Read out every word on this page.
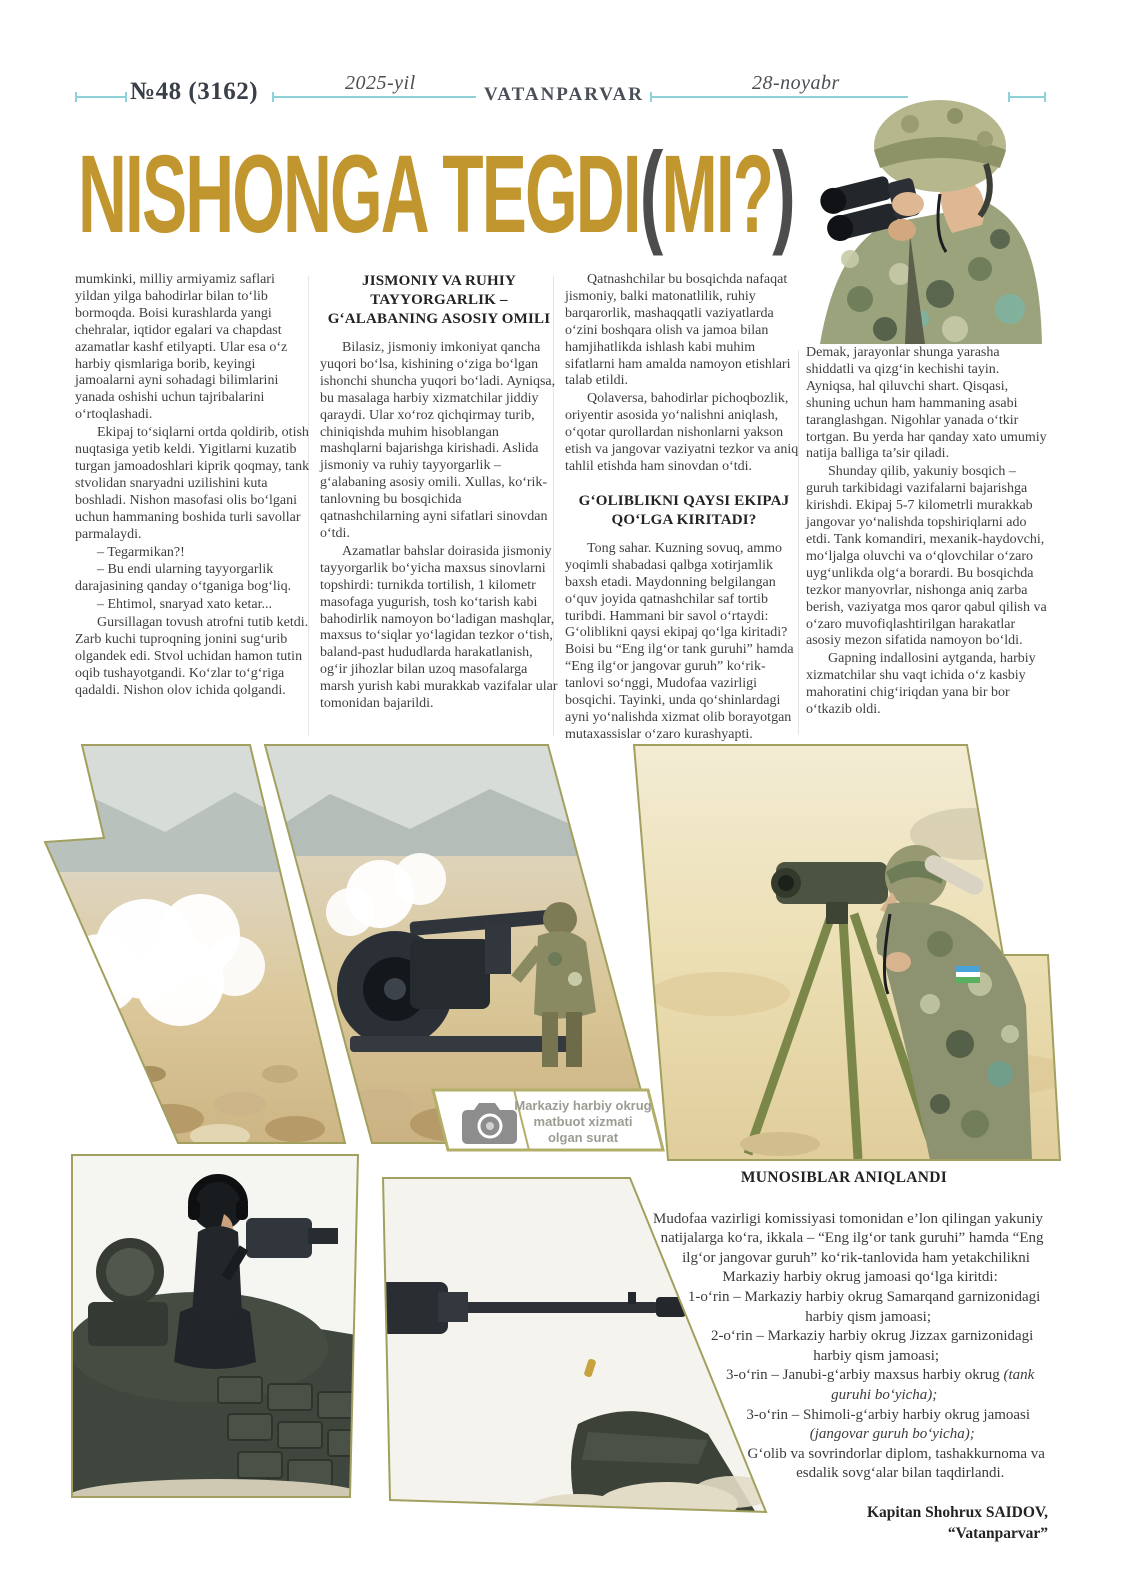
№48 (3162)	2025-yil
VATANPARVAR
28-noyabr
NISHONGA TEGDI(MI?)

mumkinki, milliy armiyamiz saflari yildan yilga bahodirlar bilan to‘lib bormoqda. Boisi kurashlarda yangi chehralar, iqtidor egalari va chapdast azamatlar kashf etilyapti. Ular esa o‘z harbiy qismlariga borib, keyingi jamoalarni ayni sohadagi bilimlarini yanada oshishi uchun tajribalarini o‘rtoqlashadi.

Ekipaj to‘siqlarni ortda qoldirib, otish nuqtasiga yetib keldi. Yigitlarni kuzatib turgan jamoadoshlari kiprik qoqmay, tank stvolidan snaryadni uzilishini kuta boshladi. Nishon masofasi olis bo‘lgani uchun hammaning boshida turli savollar parmalaydi.

– Tegarmikan?!

– Bu endi ularning tayyorgarlik darajasining qanday o‘tganiga bog‘liq.

– Ehtimol, snaryad xato ketar...

Gursillagan tovush atrofni tutib ketdi. Zarb kuchi tuproqning jonini sug‘urib olgandek edi. Stvol uchidan hamon tutin oqib tushayotgandi. Ko‘zlar to‘g‘riga qadaldi. Nishon olov ichida qolgandi.

JISMONIY VA RUHIY TAYYORGARLIK – G‘ALABANING ASOSIY OMILI

Bilasiz, jismoniy imkoniyat qancha yuqori bo‘lsa, kishining o‘ziga bo‘lgan ishonchi shuncha yuqori bo‘ladi. Ayniqsa, bu masalaga harbiy xizmatchilar jiddiy qaraydi. Ular xo‘roz qichqirmay turib, chiniqishda muhim hisoblangan mashqlarni bajarishga kirishadi. Aslida jismoniy va ruhiy tayyorgarlik – g‘alabaning asosiy omili. Xullas, ko‘rik-tanlovning bu bosqichida qatnashchilarning ayni sifatlari sinovdan o‘tdi.

Azamatlar bahslar doirasida jismoniy tayyorgarlik bo‘yicha maxsus sinovlarni topshirdi: turnikda tortilish, 1 kilometr masofaga yugurish, tosh ko‘tarish kabi bahodirlik namoyon bo‘ladigan mashqlar, maxsus to‘siqlar yo‘lagidan tezkor o‘tish, baland-past hududlarda harakatlanish, og‘ir jihozlar bilan uzoq masofalarga marsh yurish kabi murakkab vazifalar ular tomonidan bajarildi.

Qatnashchilar bu bosqichda nafaqat jismoniy, balki matonatlilik, ruhiy barqarorlik, mashaqqatli vaziyatlarda o‘zini boshqara olish va jamoa bilan hamjihatlikda ishlash kabi muhim sifatlarni ham amalda namoyon etishlari talab etildi.

Qolaversa, bahodirlar pichoqbozlik, oriyentir asosida yo‘nalishni aniqlash, o‘qotar qurollardan nishonlarni yakson etish va jangovar vaziyatni tezkor va aniq tahlil etishda ham sinovdan o‘tdi.

G‘OLIBLIKNI QAYSI EKIPAJ QO‘LGA KIRITADI?

Tong sahar. Kuzning sovuq, ammo yoqimli shabadasi qalbga xotirjamlik baxsh etadi. Maydonning belgilangan o‘quv joyida qatnashchilar saf tortib turibdi. Hammani bir savol o‘rtaydi: G‘oliblikni qaysi ekipaj qo‘lga kiritadi? Boisi bu “Eng ilg‘or tank guruhi” hamda “Eng ilg‘or jangovar guruh” ko‘rik-tanlovi so‘nggi, Mudofaa vazirligi bosqichi. Tayinki, unda qo‘shinlardagi ayni yo‘nalishda xizmat olib borayotgan mutaxassislar o‘zaro kurashyapti.

Demak, jarayonlar shunga yarasha shiddatli va qizg‘in kechishi tayin. Ayniqsa, hal qiluvchi shart. Qisqasi, shuning uchun ham hammaning asabi taranglashgan. Nigohlar yanada o‘tkir tortgan. Bu yerda har qanday xato umumiy natija balliga ta’sir qiladi.

Shunday qilib, yakuniy bosqich – guruh tarkibidagi vazifalarni bajarishga kirishdi. Ekipaj 5-7 kilometrli murakkab jangovar yo‘nalishda topshiriqlarni ado etdi. Tank komandiri, mexanik-haydovchi, mo‘ljalga oluvchi va o‘qlovchilar o‘zaro uyg‘unlikda olg‘a borardi. Bu bosqichda tezkor manyovrlar, nishonga aniq zarba berish, vaziyatga mos qaror qabul qilish va o‘zaro muvofiqlashtirilgan harakatlar asosiy mezon sifatida namoyon bo‘ldi.

Gapning indallosini aytganda, harbiy xizmatchilar shu vaqt ichida o‘z kasbiy mahoratini chig‘iriqdan yana bir bor o‘tkazib oldi.

Markaziy harbiy okrug
matbuot xizmati
olgan surat
MUNOSIBLAR ANIQLANDI

Mudofaa vazirligi komissiyasi tomonidan e’lon qilingan yakuniy natijalarga ko‘ra, ikkala – “Eng ilg‘or tank guruhi” hamda “Eng ilg‘or jangovar guruh” ko‘rik-tanlovida ham yetakchilikni Markaziy harbiy okrug jamoasi qo‘lga kiritdi:

1-o‘rin – Markaziy harbiy okrug Samarqand garnizonidagi harbiy qism jamoasi;

2-o‘rin – Markaziy harbiy okrug Jizzax garnizonidagi harbiy qism jamoasi;

3-o‘rin – Janubi-g‘arbiy maxsus harbiy okrug (tank guruhi bo‘yicha);

3-o‘rin – Shimoli-g‘arbiy harbiy okrug jamoasi (jangovar guruh bo‘yicha);

G‘olib va sovrindorlar diplom, tashakkurnoma va esdalik sovg‘alar bilan taqdirlandi.

Kapitan Shohrux SAIDOV,
“Vatanparvar”
